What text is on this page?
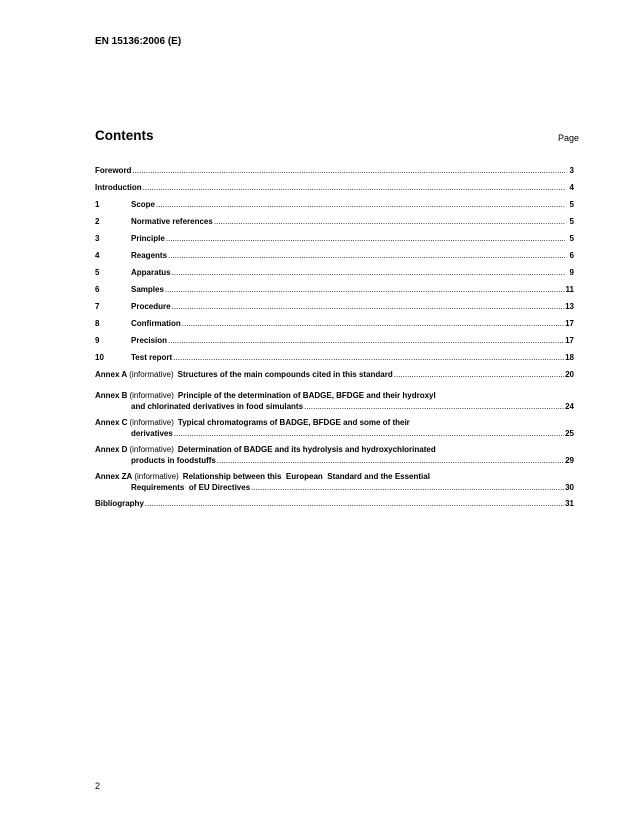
EN 15136:2006 (E)
Contents	Page
Foreword .....	3
Introduction .....	4
1	Scope .....	5
2	Normative references .....	5
3	Principle .....	5
4	Reagents .....	6
5	Apparatus .....	9
6	Samples .....	11
7	Procedure .....	13
8	Confirmation .....	17
9	Precision .....	17
10	Test report .....	18
Annex A (informative) Structures of the main compounds cited in this standard .....	20
Annex B (informative) Principle of the determination of BADGE, BFDGE and their hydroxyl
and chlorinated derivatives in food simulants .....	24
Annex C (informative) Typical chromatograms of BADGE, BFDGE and some of their
derivatives .....	25
Annex D (informative) Determination of BADGE and its hydrolysis and hydroxychlorinated
products in foodstuffs .....	29
Annex ZA (informative) Relationship between this  European  Standard and the Essential
Requirements  of EU Directives .....	30
Bibliography .....	31
2
